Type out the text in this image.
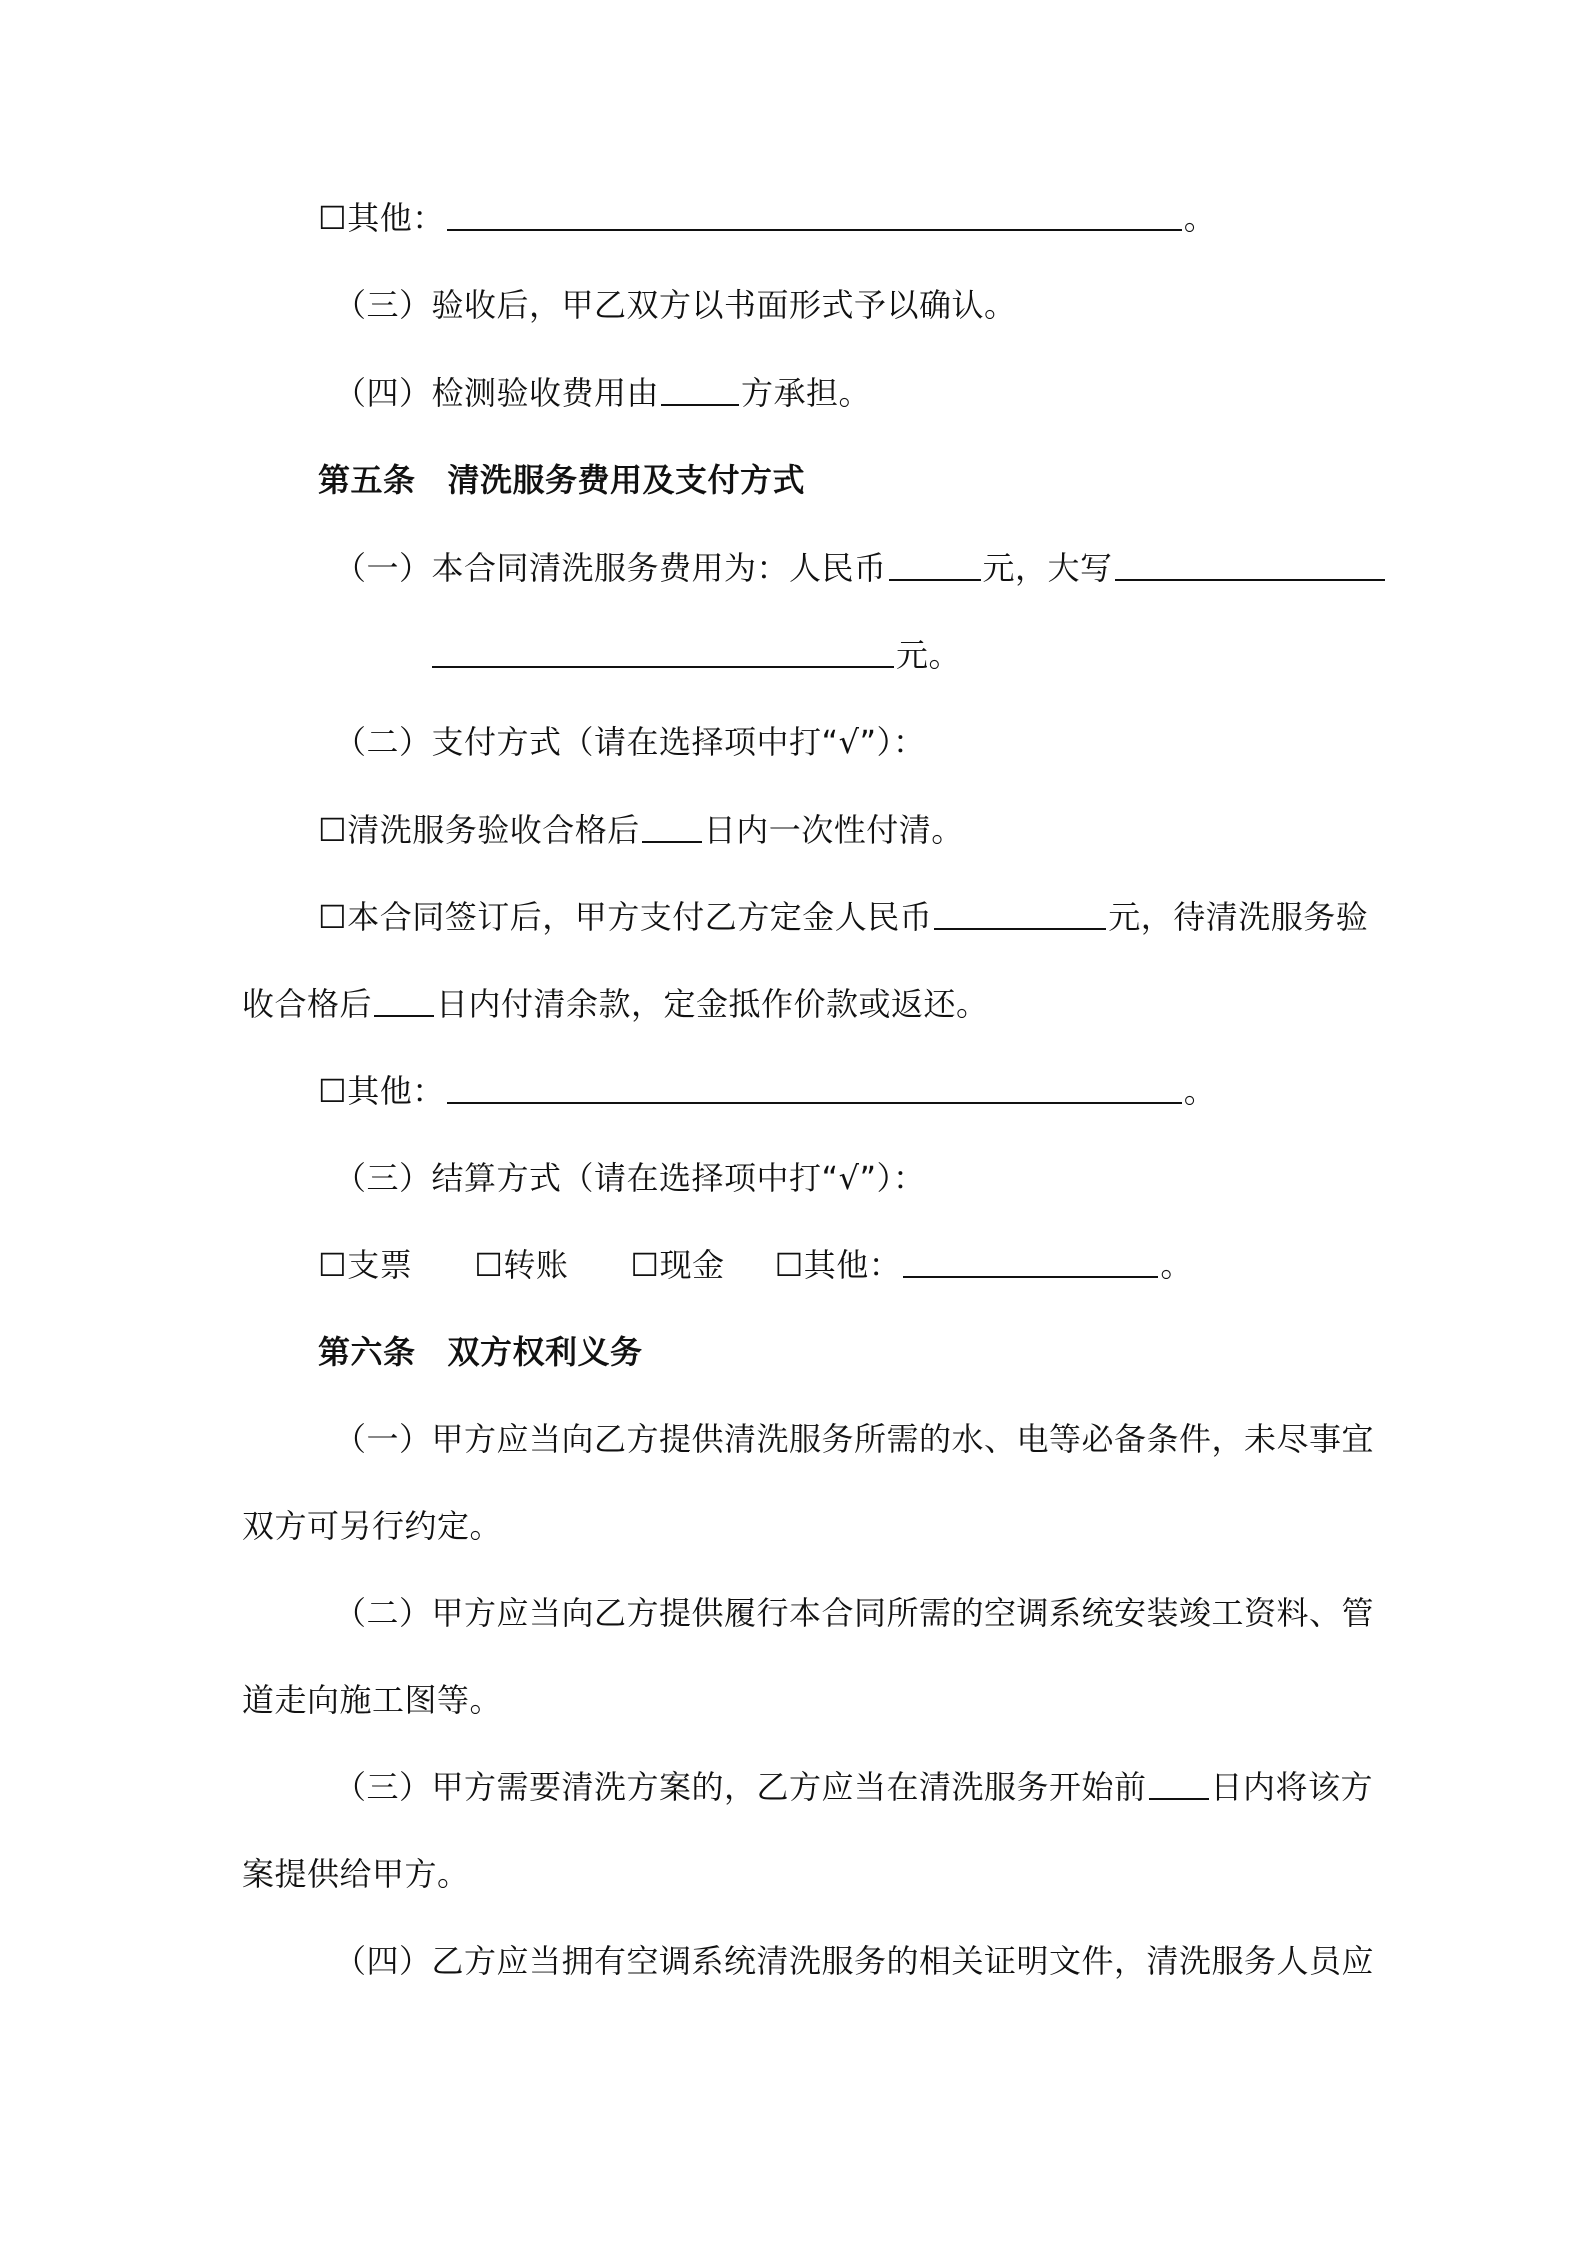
☐其他：	。
（三）验收后，甲乙双方以书面形式予以确认。
（四）检测验收费用由	方承担。
第五条 清洗服务费用及支付方式
（一）本合同清洗服务费用为：人民币	元，大写
元。
（二）支付方式（请在选择项中打“√”）：
☐清洗服务验收合格后 日内一次性付清。
☐本合同签订后，甲方支付乙方定金人民币	元，待清洗服务验
收合格后 日内付清余款，定金抵作价款或返还。
☐其他：	。
（三）结算方式（请在选择项中打“√”）：
☐支票 ☐转账 ☐现金 ☐其他：	。
第六条 双方权利义务
（一）甲方应当向乙方提供清洗服务所需的水、电等必备条件，未尽事宜
双方可另行约定。
（二）甲方应当向乙方提供履行本合同所需的空调系统安装竣工资料、管
道走向施工图等。
（三）甲方需要清洗方案的，乙方应当在清洗服务开始前 日内将该方
案提供给甲方。
（四）乙方应当拥有空调系统清洗服务的相关证明文件，清洗服务人员应
